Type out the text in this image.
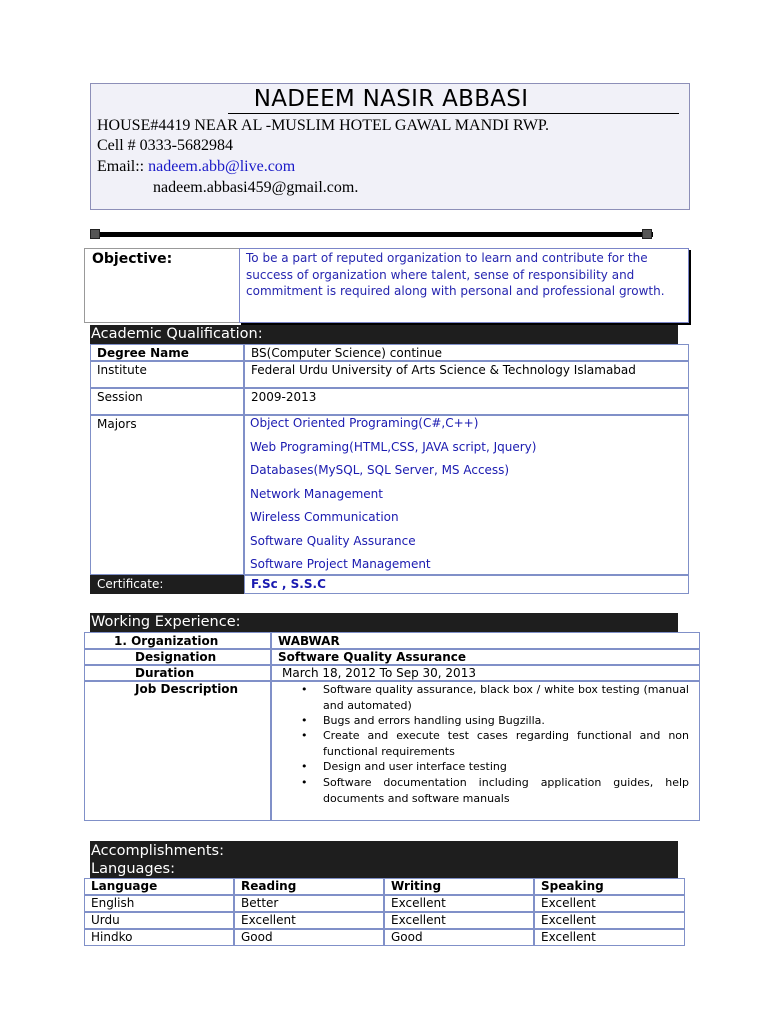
NADEEM NASIR ABBASI
HOUSE#4419 NEAR AL -MUSLIM HOTEL GAWAL MANDI RWP.
Cell # 0333-5682984
Email:: nadeem.abb@live.com
nadeem.abbasi459@gmail.com.
Objective:	To be a part of reputed organization to learn and contribute for the success of organization where talent, sense of responsibility and commitment is required along with personal and professional growth.
Academic Qualification:
Degree Name	BS(Computer Science) continue
Institute	Federal Urdu University of Arts Science & Technology Islamabad
Session	2009-2013
Majors	Object Oriented Programing(C#,C++)
Web Programing(HTML,CSS, JAVA script, Jquery)
Databases(MySQL, SQL Server, MS Access)
Network Management
Wireless Communication
Software Quality Assurance
Software Project Management
Certificate:	F.Sc , S.S.C
Working Experience:
1. Organization	WABWAR
Designation	Software Quality Assurance
Duration	March 18, 2012 To Sep 30, 2013
Job Description	• Software quality assurance, black box / white box testing (manual and automated)
• Bugs and errors handling using Bugzilla.
• Create and execute test cases regarding functional and non functional requirements
• Design and user interface testing
• Software documentation including application guides, help documents and software manuals
Accomplishments:
Languages:
Language	Reading	Writing	Speaking
English	Better	Excellent	Excellent
Urdu	Excellent	Excellent	Excellent
Hindko	Good	Good	Excellent
